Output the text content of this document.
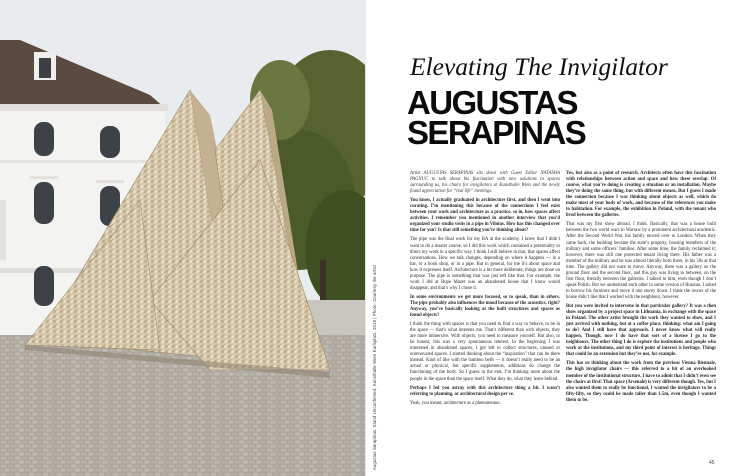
Augustas Serapinas, Stand Unconfirmed, Kunsthalle Wien Karlsplatz, 2019 | Photo: Courtesy the artist
Elevating The Invigilator
AUGUSTAS
SERAPINAS

Artist AUGUSTAS SERAPINAS sits down with Guest Editor NATASHA PAGNUC to talk about his fascination with new solutions to spaces surrounding us, his chairs for invigilators at Kunsthalle Wien and the newly found appreciation for “real life” meetings.

You know, I actually graduated in architecture first, and then I went into curating. I’m mentioning this because of the connections I feel exist between your work and architecture as a practice, so in, how spaces affect activities. I remember you mentioned in another interview that you’d organized your studio visits in a pipe in Vilnius. How has this changed over time for you? Is that still something you’re thinking about?

The pipe was the final work for my BA at the academy. I knew that I didn’t want to do a master course, so I did this work which contained a potentiality to direct my work in a specific way. I think I still believe in that, that spaces affect conversations. How we talk changes, depending on where it happens — in a bar, or a book shop, or in a pipe. But in general, for me it’s about space and how it expresses itself. Architecture is a bit more deliberate, things are done on purpose. The pipe is something that was just left like that. For example, the work I did at Rupe Mazet was an abandoned house that I know would disappear, and that’s why I chose it.

In some environments we get more focused, so to speak, than in others. The pipe probably also influences the mood because of the acoustics, right? Anyway, you’ve basically looking at the built structures and spaces as found objects?

I think the thing with spaces is that you need to find a way to behave, to be in the space — that’s what interests me. That’s different than with objects, they are more immersive. With objects, you need to measure yourself. But also, to be honest, this was a very spontaneous interest. In the beginning I was interested in abandoned spaces, I got left to collect structures, unused or unrenovated spaces. I started thinking about the “inspiration” that can be there instead. Kind of like with the bamboo bells — it doesn’t really need to be an actual or physical, but specific supplements, additions do change the functioning of the body. So I guess in the end, I’m thinking more about the people in the space than the space itself. What they do, what they leave behind.

Perhaps I led you astray with this architecture thing a bit. I wasn’t referring to planning, or architectural design per se.

Yeah, you meant, architecture as a phenomenon.

Yes, but also as a point of research. Architects often have this fascination with relationships between action and space and how these overlap. Of course, what you’re doing is creating a situation or an installation. Maybe they’re doing the same thing, but with different means. But I guess I made the connection because I was thinking about objects as well, which do make most of your body of work, and because of the references you make to habitation. For example, the exhibition in Poland, with the tenant who lived between the galleries.

That was my first show abroad, I think. Basically, that was a house built between the two world wars in Warsaw by a prominent architectural academic. After the Second World War, his family moved over to London. When they came back, the building became the state’s property, housing members of the military and some officers’ families. After some time, the family reclaimed it; however, there was still one protected tenant living there. His father was a member of the military and he was almost literally born there, in his 50s at that time. The gallery did not want to move. Anyway, there was a gallery on the ground floor and the second floor, and this guy was living in between, on the first floor, literally between the galleries. I talked to him, even though I don’t speak Polish. But we understand each other in some version of Russian. I asked to borrow his furniture and move it one storey down. I think the owner of the house didn’t like that I worked with the neighbour, however.

But you were invited to intervene in that particular gallery? It was a then show organized by a project space in Lithuania, in exchange with the space in Poland. The other artist brought the work they wanted to show, and I just arrived with nothing, but at a coffee place, thinking: what am I going to do? And I still have that approach. I never know what will really happen. Though, now I do have that sort of a license I go to the neighbours. The other thing I do is explore the institutions and people who work at the institutions, and my third point of interest is heritage. Things that could be an extension but they’re not, for example.

This has us thinking about the work from the previous Vienna Biennale, the high invigilator chairs — this referred to a bit of an overlooked member of the institutional structure. I have to admit that I didn’t even see the chairs at first! That space (Arsenale) is very different though. Yes, but I also wanted them to really be functional, I wanted the invigilators to be a fifty-fifty, so they could be made taller than 1.5m, even though I wanted them to be.

45
